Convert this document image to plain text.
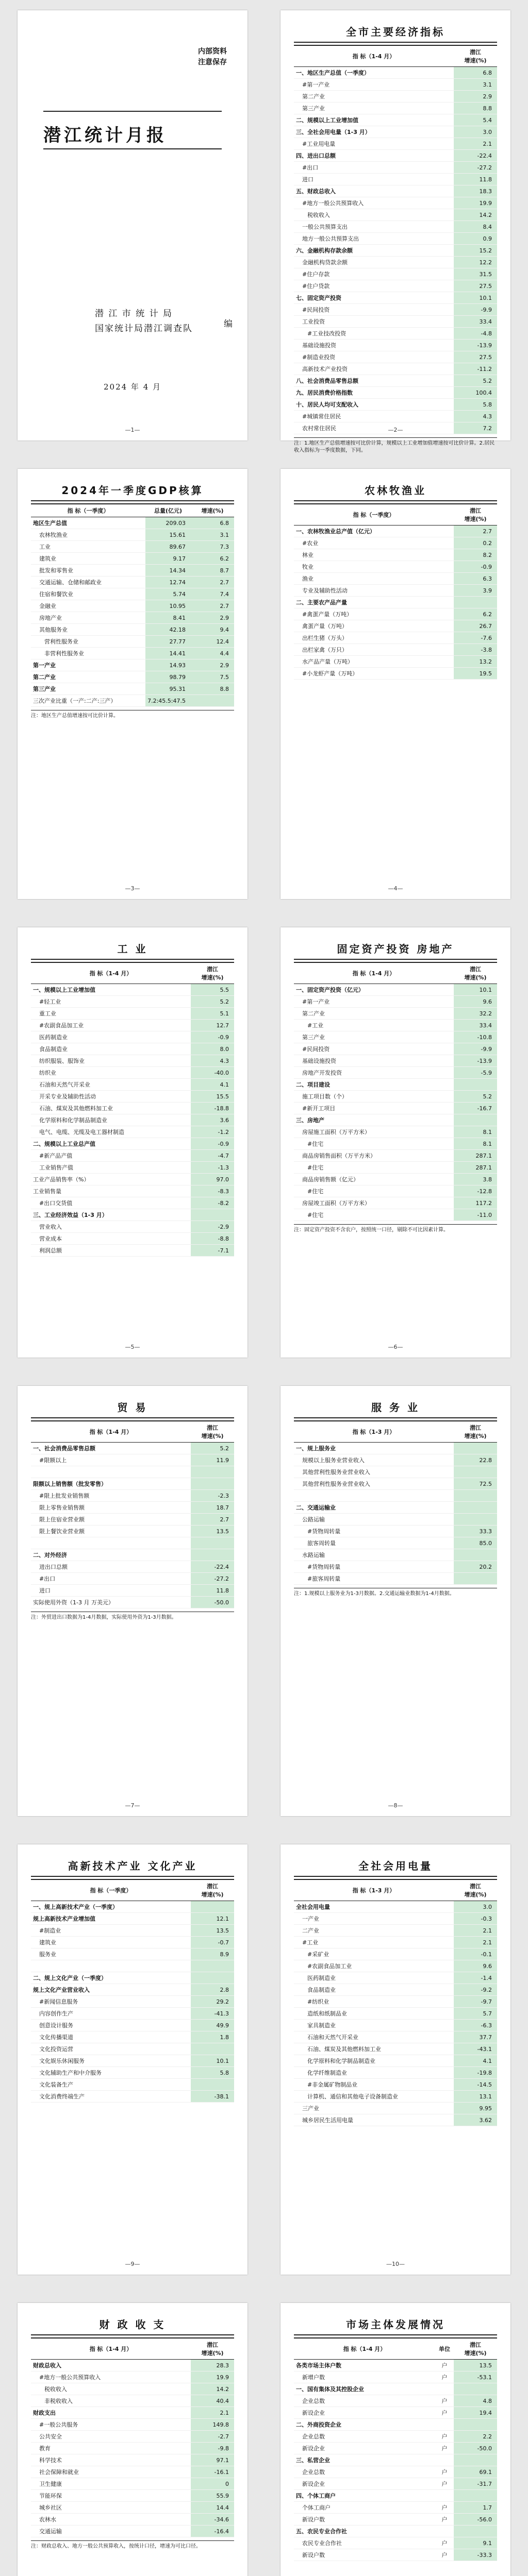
内部资料
注意保存
潜江统计月报
潜 江 市 统 计 局
国家统计局潜江调查队	编
2024 年 4 月
—1—
全市主要经济指标
指 标（1-4 月）	潜江
增速(%)

一、地区生产总值（一季度）	6.8
#第一产业	3.1
第二产业	2.9
第三产业	8.8
二、规模以上工业增加值	5.4
三、全社会用电量（1-3 月）	3.0
#工业用电量	2.1
四、进出口总额	-22.4
#出口	-27.2
进口	11.8
五、财政总收入	18.3
#地方一般公共预算收入	19.9
税收收入	14.2
一般公共预算支出	8.4
地方一般公共预算支出	0.9
六、金融机构存款余额	15.2
金融机构贷款余额	12.2
#住户存款	31.5
#住户贷款	27.5
七、固定资产投资	10.1
#民间投资	-9.9
工业投资	33.4
#工业技改投资	-4.8
基础设施投资	-13.9
#制造业投资	27.5
高新技术产业投资	-11.2
八、社会消费品零售总额	5.2
九、居民消费价格指数	100.4
十、居民人均可支配收入	5.8
#城镇常住居民	4.3
农村常住居民	7.2
注：1.地区生产总值增速按可比价计算，规模以上工业增加值增速按可比价计算。2.居民收入指标为一季度数据，下同。
—2—
2024年一季度GDP核算
指 标（一季度）	总量(亿元)	增速(%)
地区生产总值	209.03	6.8
农林牧渔业	15.61	3.1
工业	89.67	7.3
建筑业	9.17	6.2
批发和零售业	14.34	8.7
交通运输、仓储和邮政业	12.74	2.7
住宿和餐饮业	5.74	7.4
金融业	10.95	2.7
房地产业	8.41	2.9
其他服务业	42.18	9.4
营利性服务业	27.77	12.4
非营利性服务业	14.41	4.4
第一产业	14.93	2.9
第二产业	98.79	7.5
第三产业	95.31	8.8
三次产业比重（一产:二产:三产）	7.2:45.5:47.5	
注：地区生产总值增速按可比价计算。
—3—
农林牧渔业
指 标（一季度）	潜江
增速(%)

一、农林牧渔业总产值（亿元）	2.7
#农业	0.2
林业	8.2
牧业	-0.9
渔业	6.3
专业及辅助性活动	3.9
二、主要农产品产量	
#禽蛋产量（万吨）	6.2
禽蛋产量（万吨）	26.7
出栏生猪（万头）	-7.6
出栏家禽（万只）	-3.8
水产品产量（万吨）	13.2
#小龙虾产量（万吨）	19.5
—4—
工 业
指 标（1-4 月）	潜江
增速(%)

一、规模以上工业增加值	5.5
#轻工业	5.2
重工业	5.1
#农副食品加工业	12.7
医药制造业	-0.9
食品制造业	8.0
纺织服装、服饰业	4.3
纺织业	-40.0
石油和天然气开采业	4.1
开采专业及辅助性活动	15.5
石油、煤炭及其他燃料加工业	-18.8
化学原料和化学制品制造业	3.6
电气、电缆、光缆及电工器材制造	-1.2
二、规模以上工业总产值	-0.9
#新产品产值	-4.7
工业销售产值	-1.3
工业产品销售率（%）	97.0
工业销售量	-8.3
#出口交货值	-8.2
三、工业经济效益（1-3 月）	
营业收入	-2.9
营业成本	-8.8
利润总额	-7.1
—5—
固定资产投资 房地产
指 标（1-4 月）	潜江
增速(%)

一、固定资产投资（亿元）	10.1
#第一产业	9.6
第二产业	32.2
#工业	33.4
第三产业	-10.8
#民间投资	-9.9
基础设施投资	-13.9
房地产开发投资	-5.9
二、项目建设	
施工项目数（个）	5.2
#新开工项目	-16.7
三、房地产	
房屋施工面积（万平方米）	8.1
#住宅	8.1
商品房销售面积（万平方米）	287.1
#住宅	287.1
商品房销售额（亿元）	3.8
#住宅	-12.8
房屋竣工面积（万平方米）	117.2
#住宅	-11.0
注：固定资产投资不含农户，按照统一口径，剔除不可比因素计算。
—6—
贸 易
指 标（1-4 月）	潜江
增速(%)

一、社会消费品零售总额	5.2
#限额以上	11.9

限额以上销售额（批发零售）	
#限上批发业销售额	-2.3
限上零售业销售额	18.7
限上住宿业营业额	2.7
限上餐饮业营业额	13.5

二、对外经济	
进出口总额	-22.4
#出口	-27.2
进口	11.8
实际使用外资（1-3 月 万美元）	-50.0
注：外贸进出口数据为1-4月数据，实际使用外资为1-3月数据。
—7—
服 务 业
指 标（1-3 月）	潜江
增速(%)

一、规上服务业	
规模以上服务业营业收入	22.8
其他营利性服务业营业收入	
其他营利性服务业营业收入	72.5

二、交通运输业	
公路运输	
#货物周转量	33.3
旅客周转量	85.0
水路运输	
#货物周转量	20.2
#旅客周转量	
注：1.规模以上服务业为1-3月数据。2.交通运输业数据为1-4月数据。
—8—
高新技术产业 文化产业
指 标（一季度）	潜江
增速(%)

一、规上高新技术产业（一季度）	
规上高新技术产业增加值	12.1
#制造业	13.5
建筑业	-0.7
服务业	8.9

二、规上文化产业（一季度）	
规上文化产业营业收入	2.8
#新闻信息服务	29.2
内容创作生产	-41.3
创意设计服务	49.9
文化传播渠道	1.8
文化投资运营	
文化娱乐休闲服务	10.1
文化辅助生产和中介服务	5.8
文化装备生产	
文化消费终端生产	-38.1
—9—
全社会用电量
指 标（1-3 月）	潜江
增速(%)

全社会用电量	3.0
一产业	-0.3
二产业	2.1
#工业	2.1
#采矿业	-0.1
#农副食品加工业	9.6
医药制造业	-1.4
食品制造业	-9.2
#纺织业	-9.7
造纸和纸制品业	5.7
家具制造业	-6.3
石油和天然气开采业	37.7
石油、煤炭及其他燃料加工业	-43.1
化学原料和化学制品制造业	4.1
化学纤维制造业	-19.8
#非金属矿物制品业	-14.5
计算机、通信和其他电子设备制造业	13.1
三产业	9.95
城乡居民生活用电量	3.62
—10—
财 政 收 支
指 标（1-4 月）	潜江
增速(%)

财政总收入	28.3
#地方一般公共预算收入	19.9
税收收入	14.2
非税收收入	40.4
财政支出	2.1
#一般公共服务	149.8
公共安全	-2.7
教育	-9.8
科学技术	97.1
社会保障和就业	-16.1
卫生健康	0
节能环保	55.9
城乡社区	14.4
农林水	-34.6
交通运输	-16.4
注：财政总收入、地方一般公共预算收入，按统计口径，增速为可比口径。
市场主体发展情况
指 标（1-4 月）	单位	潜江
增速(%)

各类市场主体户数	户	13.5
新增户数	户	-53.1
一、国有集体及其控股企业		
企业总数	户	4.8
新设企业	户	19.4
二、外商投资企业		
企业总数	户	2.2
新设企业	户	-50.0
三、私营企业		
企业总数	户	69.1
新设企业	户	-31.7
四、个体工商户		
个体工商户	户	1.7
新设户数	户	-56.0
五、农民专业合作社		
农民专业合作社	户	9.1
新设户数	户	-33.3
